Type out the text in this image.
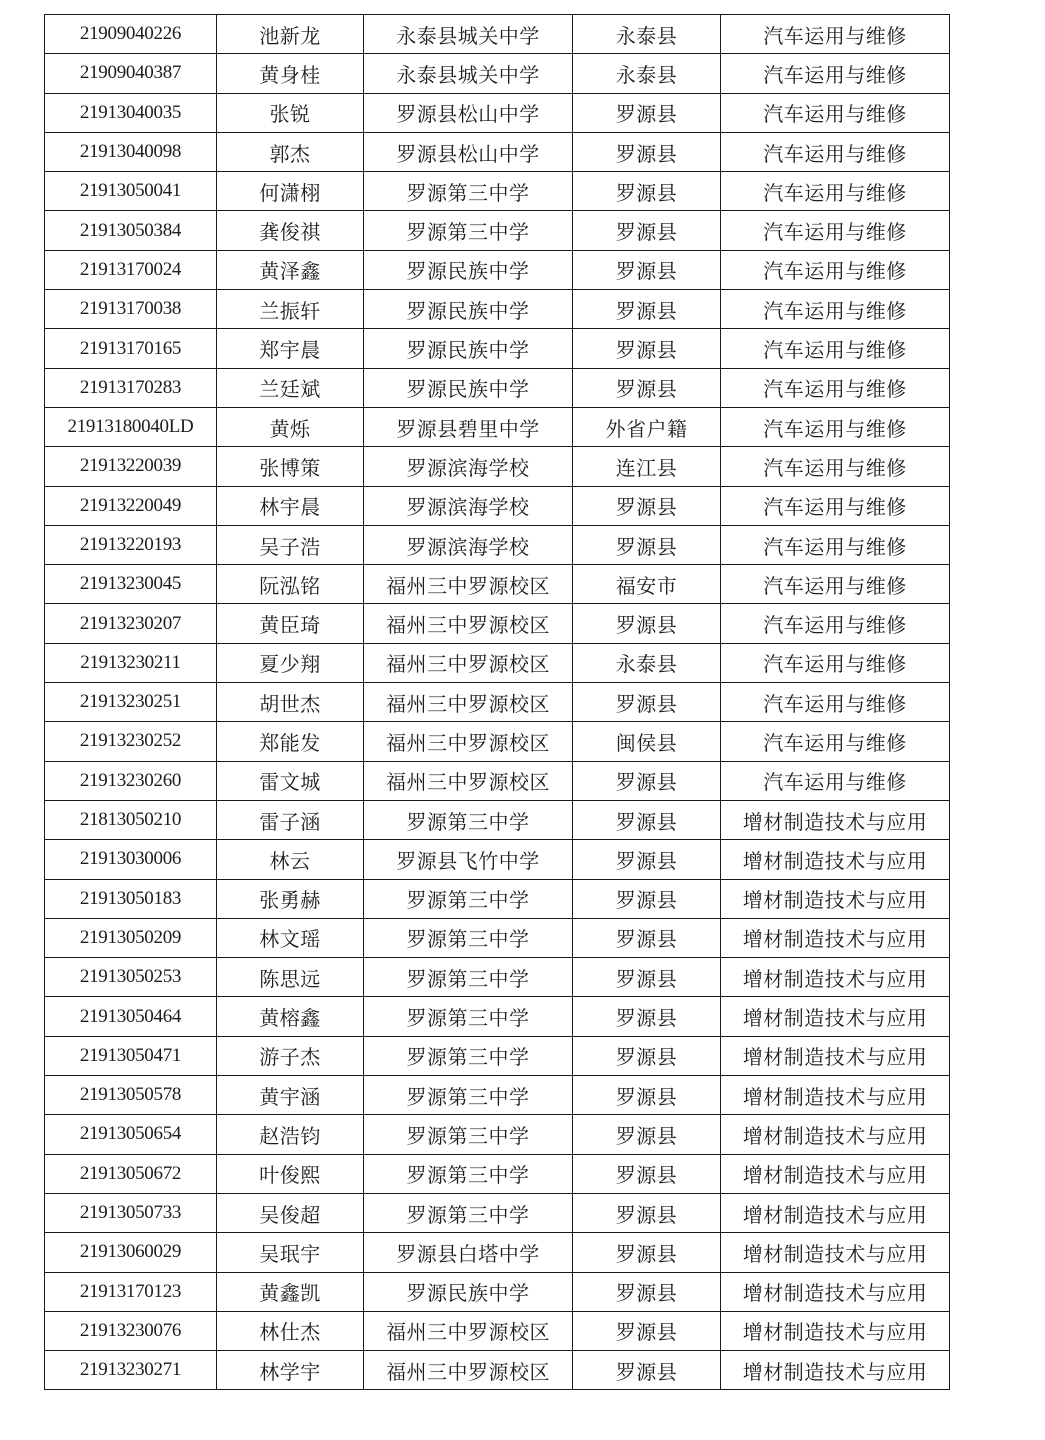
21909040226	池新龙	永泰县城关中学	永泰县	汽车运用与维修
21909040387	黄身桂	永泰县城关中学	永泰县	汽车运用与维修
21913040035	张锐	罗源县松山中学	罗源县	汽车运用与维修
21913040098	郭杰	罗源县松山中学	罗源县	汽车运用与维修
21913050041	何潇栩	罗源第三中学	罗源县	汽车运用与维修
21913050384	龚俊祺	罗源第三中学	罗源县	汽车运用与维修
21913170024	黄泽鑫	罗源民族中学	罗源县	汽车运用与维修
21913170038	兰振轩	罗源民族中学	罗源县	汽车运用与维修
21913170165	郑宇晨	罗源民族中学	罗源县	汽车运用与维修
21913170283	兰廷斌	罗源民族中学	罗源县	汽车运用与维修
21913180040LD	黄烁	罗源县碧里中学	外省户籍	汽车运用与维修
21913220039	张博策	罗源滨海学校	连江县	汽车运用与维修
21913220049	林宇晨	罗源滨海学校	罗源县	汽车运用与维修
21913220193	吴子浩	罗源滨海学校	罗源县	汽车运用与维修
21913230045	阮泓铭	福州三中罗源校区	福安市	汽车运用与维修
21913230207	黄臣琦	福州三中罗源校区	罗源县	汽车运用与维修
21913230211	夏少翔	福州三中罗源校区	永泰县	汽车运用与维修
21913230251	胡世杰	福州三中罗源校区	罗源县	汽车运用与维修
21913230252	郑能发	福州三中罗源校区	闽侯县	汽车运用与维修
21913230260	雷文城	福州三中罗源校区	罗源县	汽车运用与维修
21813050210	雷子涵	罗源第三中学	罗源县	增材制造技术与应用
21913030006	林云	罗源县飞竹中学	罗源县	增材制造技术与应用
21913050183	张勇赫	罗源第三中学	罗源县	增材制造技术与应用
21913050209	林文瑶	罗源第三中学	罗源县	增材制造技术与应用
21913050253	陈思远	罗源第三中学	罗源县	增材制造技术与应用
21913050464	黄榕鑫	罗源第三中学	罗源县	增材制造技术与应用
21913050471	游子杰	罗源第三中学	罗源县	增材制造技术与应用
21913050578	黄宇涵	罗源第三中学	罗源县	增材制造技术与应用
21913050654	赵浩钧	罗源第三中学	罗源县	增材制造技术与应用
21913050672	叶俊熙	罗源第三中学	罗源县	增材制造技术与应用
21913050733	吴俊超	罗源第三中学	罗源县	增材制造技术与应用
21913060029	吴珉宇	罗源县白塔中学	罗源县	增材制造技术与应用
21913170123	黄鑫凯	罗源民族中学	罗源县	增材制造技术与应用
21913230076	林仕杰	福州三中罗源校区	罗源县	增材制造技术与应用
21913230271	林学宇	福州三中罗源校区	罗源县	增材制造技术与应用
